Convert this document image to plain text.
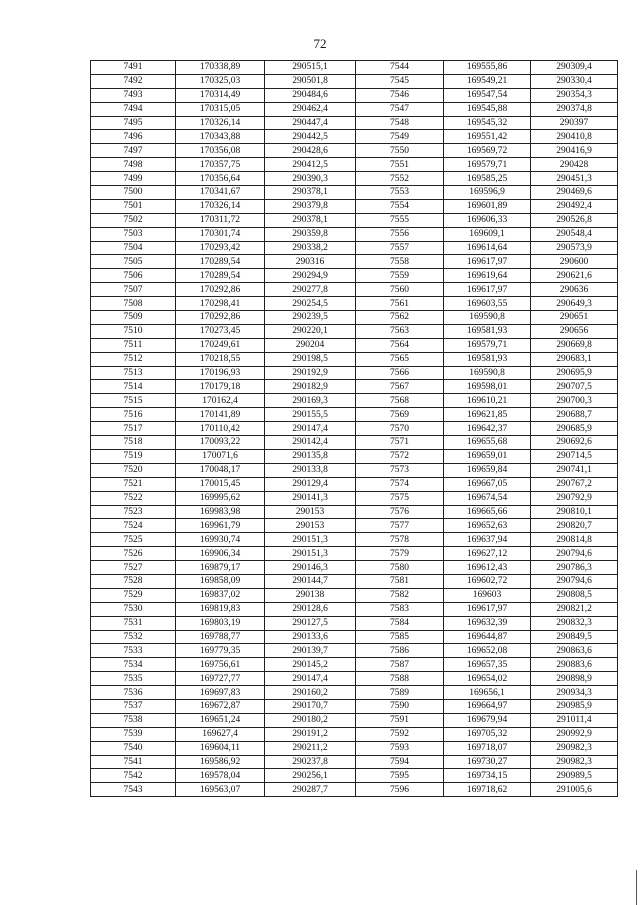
72
7491	170338,89	290515,1	7544	169555,86	290309,4
7492	170325,03	290501,8	7545	169549,21	290330,4
7493	170314,49	290484,6	7546	169547,54	290354,3
7494	170315,05	290462,4	7547	169545,88	290374,8
7495	170326,14	290447,4	7548	169545,32	290397
7496	170343,88	290442,5	7549	169551,42	290410,8
7497	170356,08	290428,6	7550	169569,72	290416,9
7498	170357,75	290412,5	7551	169579,71	290428
7499	170356,64	290390,3	7552	169585,25	290451,3
7500	170341,67	290378,1	7553	169596,9	290469,6
7501	170326,14	290379,8	7554	169601,89	290492,4
7502	170311,72	290378,1	7555	169606,33	290526,8
7503	170301,74	290359,8	7556	169609,1	290548,4
7504	170293,42	290338,2	7557	169614,64	290573,9
7505	170289,54	290316	7558	169617,97	290600
7506	170289,54	290294,9	7559	169619,64	290621,6
7507	170292,86	290277,8	7560	169617,97	290636
7508	170298,41	290254,5	7561	169603,55	290649,3
7509	170292,86	290239,5	7562	169590,8	290651
7510	170273,45	290220,1	7563	169581,93	290656
7511	170249,61	290204	7564	169579,71	290669,8
7512	170218,55	290198,5	7565	169581,93	290683,1
7513	170196,93	290192,9	7566	169590,8	290695,9
7514	170179,18	290182,9	7567	169598,01	290707,5
7515	170162,4	290169,3	7568	169610,21	290700,3
7516	170141,89	290155,5	7569	169621,85	290688,7
7517	170110,42	290147,4	7570	169642,37	290685,9
7518	170093,22	290142,4	7571	169655,68	290692,6
7519	170071,6	290135,8	7572	169659,01	290714,5
7520	170048,17	290133,8	7573	169659,84	290741,1
7521	170015,45	290129,4	7574	169667,05	290767,2
7522	169995,62	290141,3	7575	169674,54	290792,9
7523	169983,98	290153	7576	169665,66	290810,1
7524	169961,79	290153	7577	169652,63	290820,7
7525	169930,74	290151,3	7578	169637,94	290814,8
7526	169906,34	290151,3	7579	169627,12	290794,6
7527	169879,17	290146,3	7580	169612,43	290786,3
7528	169858,09	290144,7	7581	169602,72	290794,6
7529	169837,02	290138	7582	169603	290808,5
7530	169819,83	290128,6	7583	169617,97	290821,2
7531	169803,19	290127,5	7584	169632,39	290832,3
7532	169788,77	290133,6	7585	169644,87	290849,5
7533	169779,35	290139,7	7586	169652,08	290863,6
7534	169756,61	290145,2	7587	169657,35	290883,6
7535	169727,77	290147,4	7588	169654,02	290898,9
7536	169697,83	290160,2	7589	169656,1	290934,3
7537	169672,87	290170,7	7590	169664,97	290985,9
7538	169651,24	290180,2	7591	169679,94	291011,4
7539	169627,4	290191,2	7592	169705,32	290992,9
7540	169604,11	290211,2	7593	169718,07	290982,3
7541	169586,92	290237,8	7594	169730,27	290982,3
7542	169578,04	290256,1	7595	169734,15	290989,5
7543	169563,07	290287,7	7596	169718,62	291005,6
